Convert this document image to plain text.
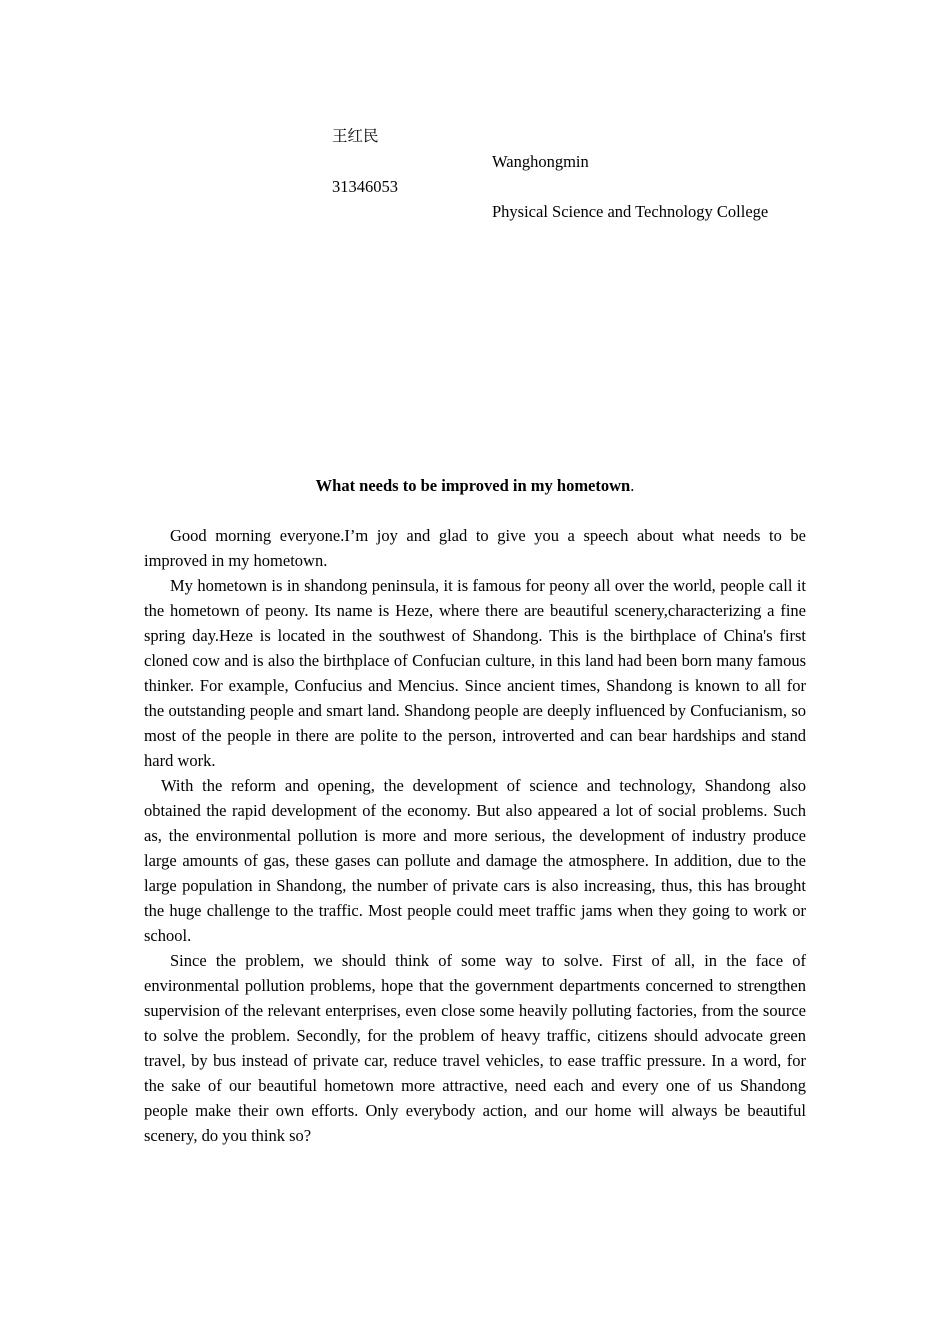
王红民
Wanghongmin
31346053
Physical Science and Technology College
What needs to be improved in my hometown.

Good morning everyone.I’m joy and glad to give you a speech about what needs to be improved in my hometown.

My hometown is in shandong peninsula, it is famous for peony all over the world, people call it the hometown of peony. Its name is Heze, where there are beautiful scenery,characterizing a fine spring day.Heze is located in the southwest of Shandong. This is the birthplace of China's first cloned cow and is also the birthplace of Confucian culture, in this land had been born many famous thinker. For example, Confucius and Mencius. Since ancient times, Shandong is known to all for the outstanding people and smart land. Shandong people are deeply influenced by Confucianism, so most of the people in there are polite to the person, introverted and can bear hardships and stand hard work.

With the reform and opening, the development of science and technology, Shandong also obtained the rapid development of the economy. But also appeared a lot of social problems. Such as, the environmental pollution is more and more serious, the development of industry produce large amounts of gas, these gases can pollute and damage the atmosphere. In addition, due to the large population in Shandong, the number of private cars is also increasing, thus, this has brought the huge challenge to the traffic. Most people could meet traffic jams when they going to work or school.

Since the problem, we should think of some way to solve. First of all, in the face of environmental pollution problems, hope that the government departments concerned to strengthen supervision of the relevant enterprises, even close some heavily polluting factories, from the source to solve the problem. Secondly, for the problem of heavy traffic, citizens should advocate green travel, by bus instead of private car, reduce travel vehicles, to ease traffic pressure. In a word, for the sake of our beautiful hometown more attractive, need each and every one of us Shandong people make their own efforts. Only everybody action, and our home will always be beautiful scenery, do you think so?
